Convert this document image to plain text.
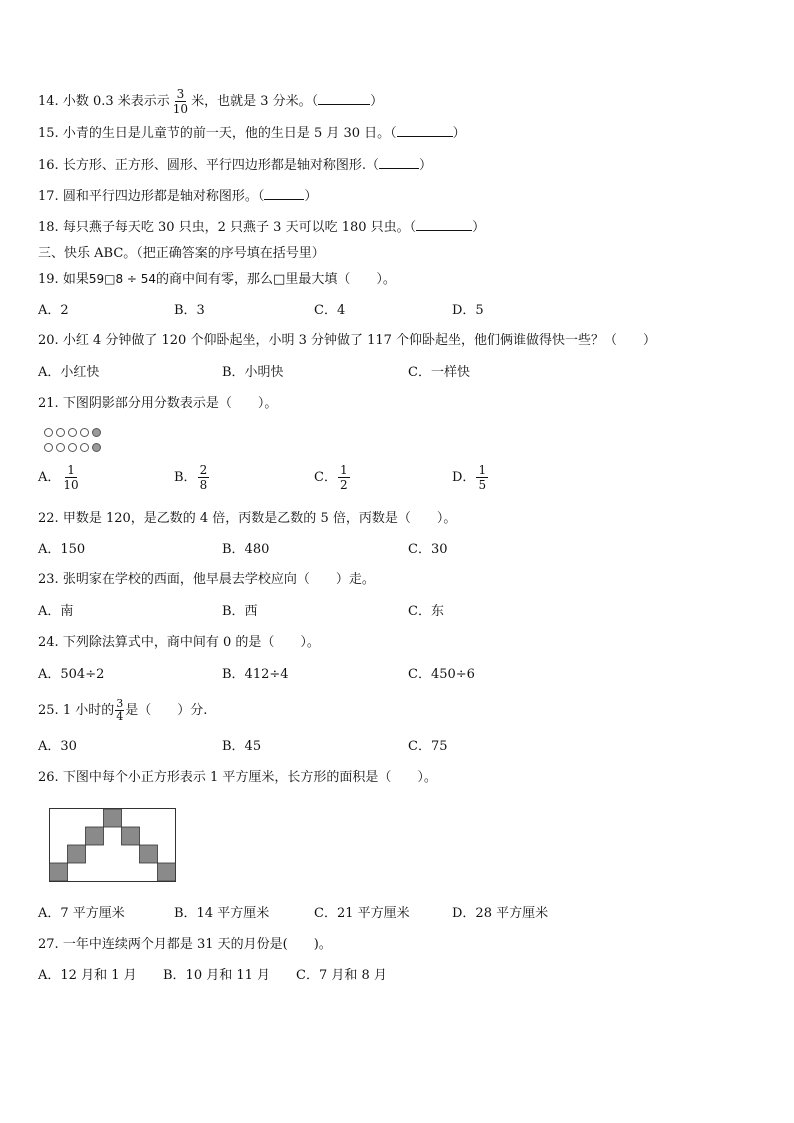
14. 小数 0.3 米表示示 $\frac{3}{10}$ 米，也就是 3 分米。（	）
15. 小青的生日是儿童节的前一天，他的生日是 5 月 30 日。（	）
16. 长方形、正方形、圆形、平行四边形都是轴对称图形.（	）
17. 圆和平行四边形都是轴对称图形。（	）
18. 每只燕子每天吃 30 只虫，2 只燕子 3 天可以吃 180 只虫。（	）
三、快乐 ABC。（把正确答案的序号填在括号里）
19. 如果59□8 ÷ 54的商中间有零，那么□里最大填（　　）。
A．2	B．3	C．4	D．5
20. 小红 4 分钟做了 120 个仰卧起坐，小明 3 分钟做了 117 个仰卧起坐，他们俩谁做得快一些？（　　）
A．小红快	B．小明快	C．一样快
21. 下图阴影部分用分数表示是（　　）。
A． $\frac{1}{10}$	B． $\frac{2}{8}$	C． $\frac{1}{2}$	D． $\frac{1}{5}$
22. 甲数是 120，是乙数的 4 倍，丙数是乙数的 5 倍，丙数是（　　）。
A．150	B．480	C．30
23. 张明家在学校的西面，他早晨去学校应向（　　）走。
A．南	B．西	C．东
24. 下列除法算式中，商中间有 0 的是（　　）。
A．504÷2	B．412÷4	C．450÷6
25. 1 小时的 $\frac{3}{4}$ 是（　　）分.
A．30	B．45	C．75
26. 下图中每个小正方形表示 1 平方厘米，长方形的面积是（　　）。
A．7 平方厘米	B．14 平方厘米	C．21 平方厘米	D．28 平方厘米
27. 一年中连续两个月都是 31 天的月份是(　　)。
A．12 月和 1 月 B．10 月和 11 月 C．7 月和 8 月
